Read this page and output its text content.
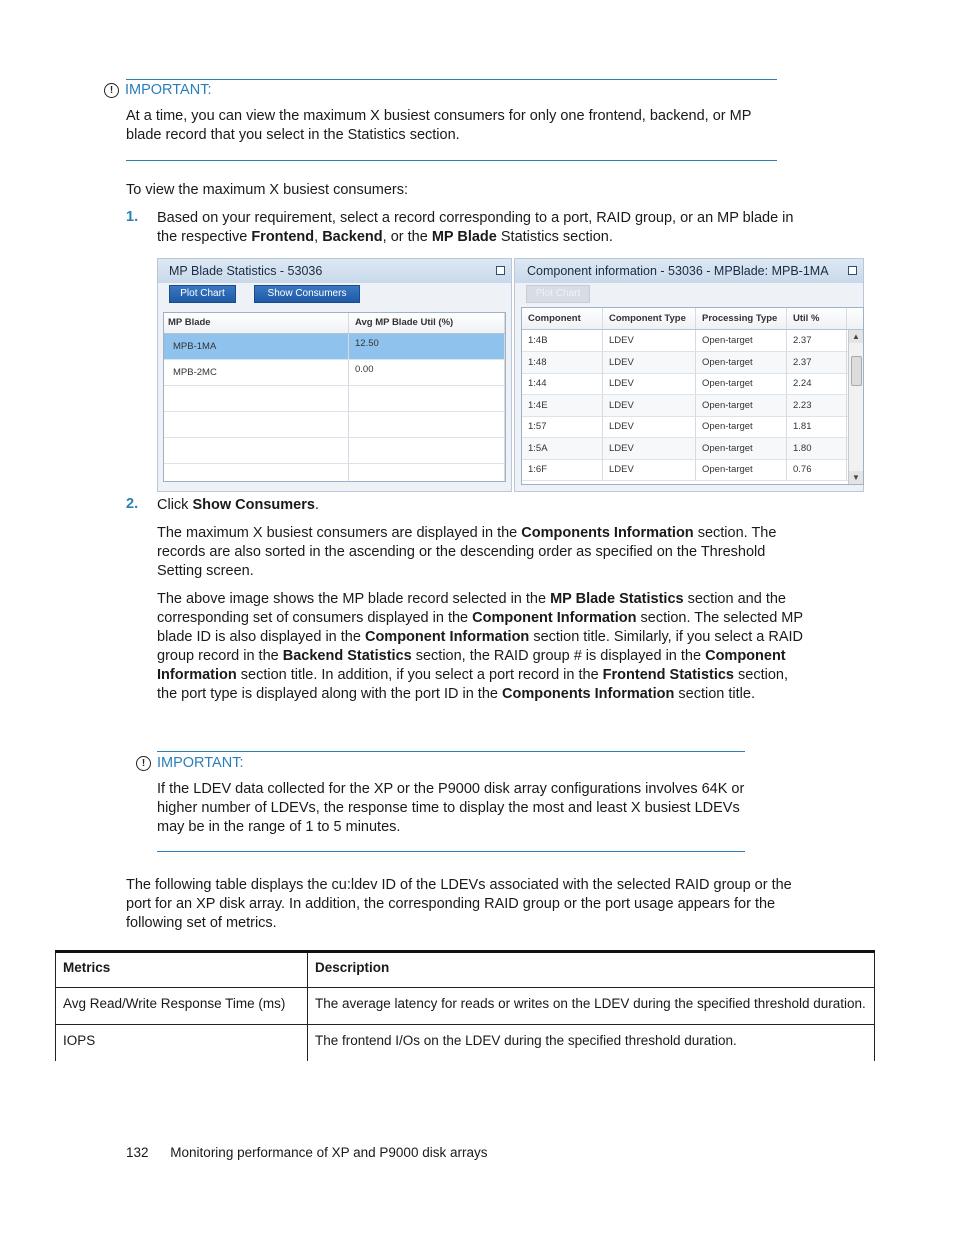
! IMPORTANT:
At a time, you can view the maximum X busiest consumers for only one frontend, backend, or MP blade record that you select in the Statistics section.
To view the maximum X busiest consumers:
1. Based on your requirement, select a record corresponding to a port, RAID group, or an MP blade in the respective Frontend, Backend, or the MP Blade Statistics section.
MP Blade Statistics - 53036
Plot Chart	Show Consumers
MP Blade	Avg MP Blade Util (%)
MPB-1MA	12.50
MPB-2MC	0.00
Component information - 53036 - MPBlade: MPB-1MA
Plot Chart
Component	Component Type	Processing Type	Util %
1:4B	LDEV	Open-target	2.37
1:48	LDEV	Open-target	2.37
1:44	LDEV	Open-target	2.24
1:4E	LDEV	Open-target	2.23
1:57	LDEV	Open-target	1.81
1:5A	LDEV	Open-target	1.80
1:6F	LDEV	Open-target	0.76
▲
▼
2. Click Show Consumers.
The maximum X busiest consumers are displayed in the Components Information section. The records are also sorted in the ascending or the descending order as specified on the Threshold Setting screen.
The above image shows the MP blade record selected in the MP Blade Statistics section and the corresponding set of consumers displayed in the Component Information section. The selected MP blade ID is also displayed in the Component Information section title. Similarly, if you select a RAID group record in the Backend Statistics section, the RAID group # is displayed in the Component Information section title. In addition, if you select a port record in the Frontend Statistics section, the port type is displayed along with the port ID in the Components Information section title.
! IMPORTANT:
If the LDEV data collected for the XP or the P9000 disk array configurations involves 64K or higher number of LDEVs, the response time to display the most and least X busiest LDEVs may be in the range of 1 to 5 minutes.
The following table displays the cu:ldev ID of the LDEVs associated with the selected RAID group or the port for an XP disk array. In addition, the corresponding RAID group or the port usage appears for the following set of metrics.
Metrics	Description
Avg Read/Write Response Time (ms)	The average latency for reads or writes on the LDEV during the specified threshold duration.
IOPS	The frontend I/Os on the LDEV during the specified threshold duration.
132 Monitoring performance of XP and P9000 disk arrays
